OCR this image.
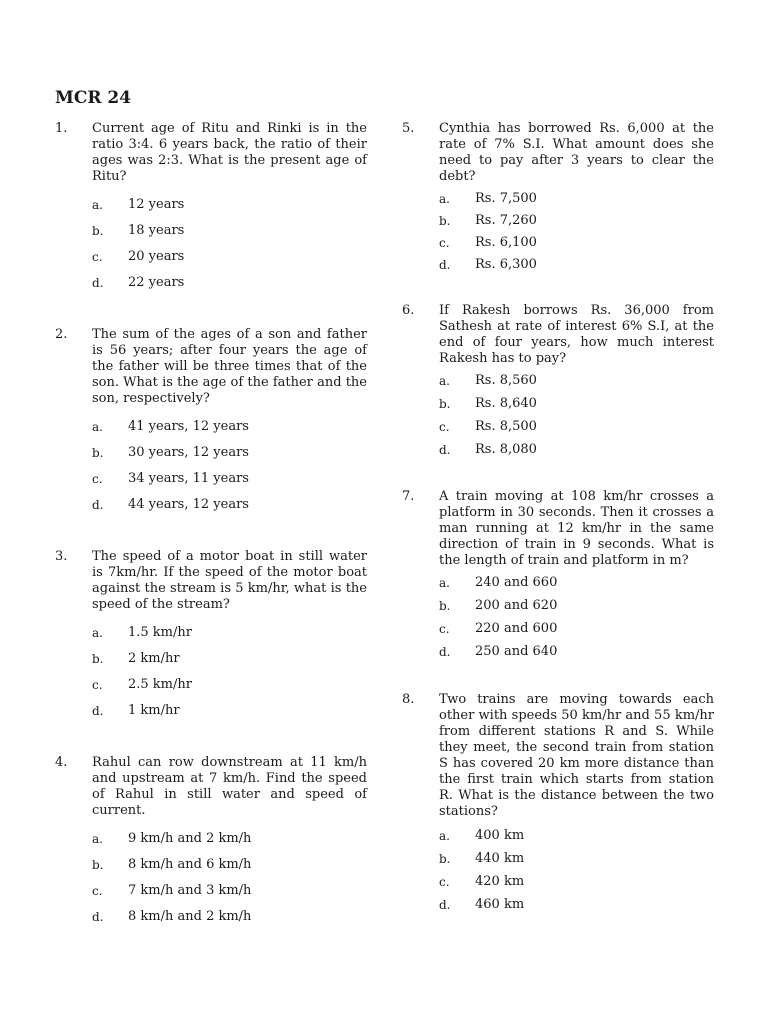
MCR 24
1. Current age of Ritu and Rinki is in the ratio 3:4. 6 years back, the ratio of their ages was 2:3. What is the present age of Ritu?
a. 12 years
b. 18 years
c. 20 years
d. 22 years
2. The sum of the ages of a son and father is 56 years; after four years the age of the father will be three times that of the son. What is the age of the father and the son, respectively?
a. 41 years, 12 years
b. 30 years, 12 years
c. 34 years, 11 years
d. 44 years, 12 years
3. The speed of a motor boat in still water is 7km/hr. If the speed of the motor boat against the stream is 5 km/hr, what is the speed of the stream?
a. 1.5 km/hr
b. 2 km/hr
c. 2.5 km/hr
d. 1 km/hr
4. Rahul can row downstream at 11 km/h and upstream at 7 km/h. Find the speed of Rahul in still water and speed of current.
a. 9 km/h and 2 km/h
b. 8 km/h and 6 km/h
c. 7 km/h and 3 km/h
d. 8 km/h and 2 km/h
5. Cynthia has borrowed Rs. 6,000 at the rate of 7% S.I. What amount does she need to pay after 3 years to clear the debt?
a. Rs. 7,500
b. Rs. 7,260
c. Rs. 6,100
d. Rs. 6,300
6. If Rakesh borrows Rs. 36,000 from Sathesh at rate of interest 6% S.I, at the end of four years, how much interest Rakesh has to pay?
a. Rs. 8,560
b. Rs. 8,640
c. Rs. 8,500
d. Rs. 8,080
7. A train moving at 108 km/hr crosses a platform in 30 seconds. Then it crosses a man running at 12 km/hr in the same direction of train in 9 seconds. What is the length of train and platform in m?
a. 240 and 660
b. 200 and 620
c. 220 and 600
d. 250 and 640
8. Two trains are moving towards each other with speeds 50 km/hr and 55 km/hr from different stations R and S. While they meet, the second train from station S has covered 20 km more distance than the first train which starts from station R. What is the distance between the two stations?
a. 400 km
b. 440 km
c. 420 km
d. 460 km
